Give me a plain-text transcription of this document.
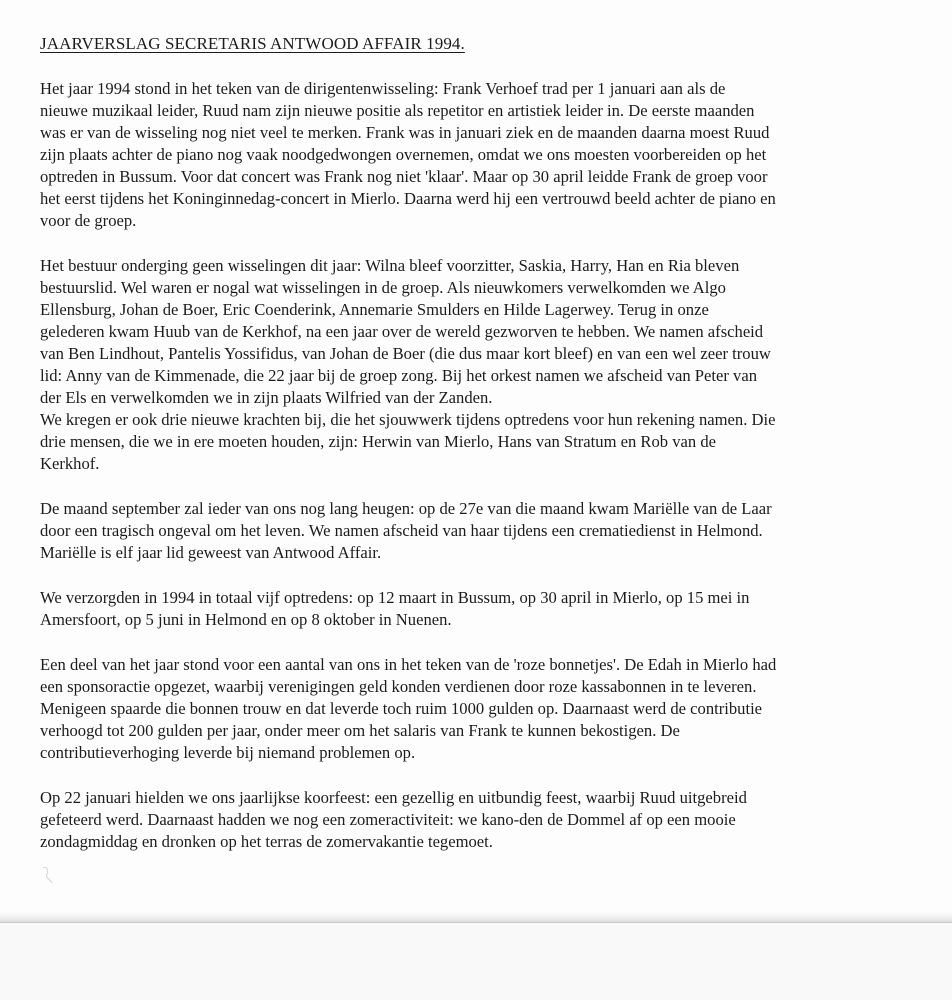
JAARVERSLAG SECRETARIS ANTWOOD AFFAIR 1994.

Het jaar 1994 stond in het teken van de dirigentenwisseling: Frank Verhoef trad per 1 januari aan als de
nieuwe muzikaal leider, Ruud nam zijn nieuwe positie als repetitor en artistiek leider in. De eerste maanden
was er van de wisseling nog niet veel te merken. Frank was in januari ziek en de maanden daarna moest Ruud
zijn plaats achter de piano nog vaak noodgedwongen overnemen, omdat we ons moesten voorbereiden op het
optreden in Bussum. Voor dat concert was Frank nog niet 'klaar'. Maar op 30 april leidde Frank de groep voor
het eerst tijdens het Koninginnedag-concert in Mierlo. Daarna werd hij een vertrouwd beeld achter de piano en
voor de groep.

Het bestuur onderging geen wisselingen dit jaar: Wilna bleef voorzitter, Saskia, Harry, Han en Ria bleven
bestuurslid. Wel waren er nogal wat wisselingen in de groep. Als nieuwkomers verwelkomden we Algo
Ellensburg, Johan de Boer, Eric Coenderink, Annemarie Smulders en Hilde Lagerwey. Terug in onze
gelederen kwam Huub van de Kerkhof, na een jaar over de wereld gezworven te hebben. We namen afscheid
van Ben Lindhout, Pantelis Yossifidus, van Johan de Boer (die dus maar kort bleef) en van een wel zeer trouw
lid: Anny van de Kimmenade, die 22 jaar bij de groep zong. Bij het orkest namen we afscheid van Peter van
der Els en verwelkomden we in zijn plaats Wilfried van der Zanden.
We kregen er ook drie nieuwe krachten bij, die het sjouwwerk tijdens optredens voor hun rekening namen. Die
drie mensen, die we in ere moeten houden, zijn: Herwin van Mierlo, Hans van Stratum en Rob van de
Kerkhof.

De maand september zal ieder van ons nog lang heugen: op de 27e van die maand kwam Mariëlle van de Laar
door een tragisch ongeval om het leven. We namen afscheid van haar tijdens een crematiedienst in Helmond.
Mariëlle is elf jaar lid geweest van Antwood Affair.

We verzorgden in 1994 in totaal vijf optredens: op 12 maart in Bussum, op 30 april in Mierlo, op 15 mei in
Amersfoort, op 5 juni in Helmond en op 8 oktober in Nuenen.

Een deel van het jaar stond voor een aantal van ons in het teken van de 'roze bonnetjes'. De Edah in Mierlo had
een sponsoractie opgezet, waarbij verenigingen geld konden verdienen door roze kassabonnen in te leveren.
Menigeen spaarde die bonnen trouw en dat leverde toch ruim 1000 gulden op. Daarnaast werd de contributie
verhoogd tot 200 gulden per jaar, onder meer om het salaris van Frank te kunnen bekostigen. De
contributieverhoging leverde bij niemand problemen op.

Op 22 januari hielden we ons jaarlijkse koorfeest: een gezellig en uitbundig feest, waarbij Ruud uitgebreid
gefeteerd werd. Daarnaast hadden we nog een zomeractiviteit: we kano-den de Dommel af op een mooie
zondagmiddag en dronken op het terras de zomervakantie tegemoet.
